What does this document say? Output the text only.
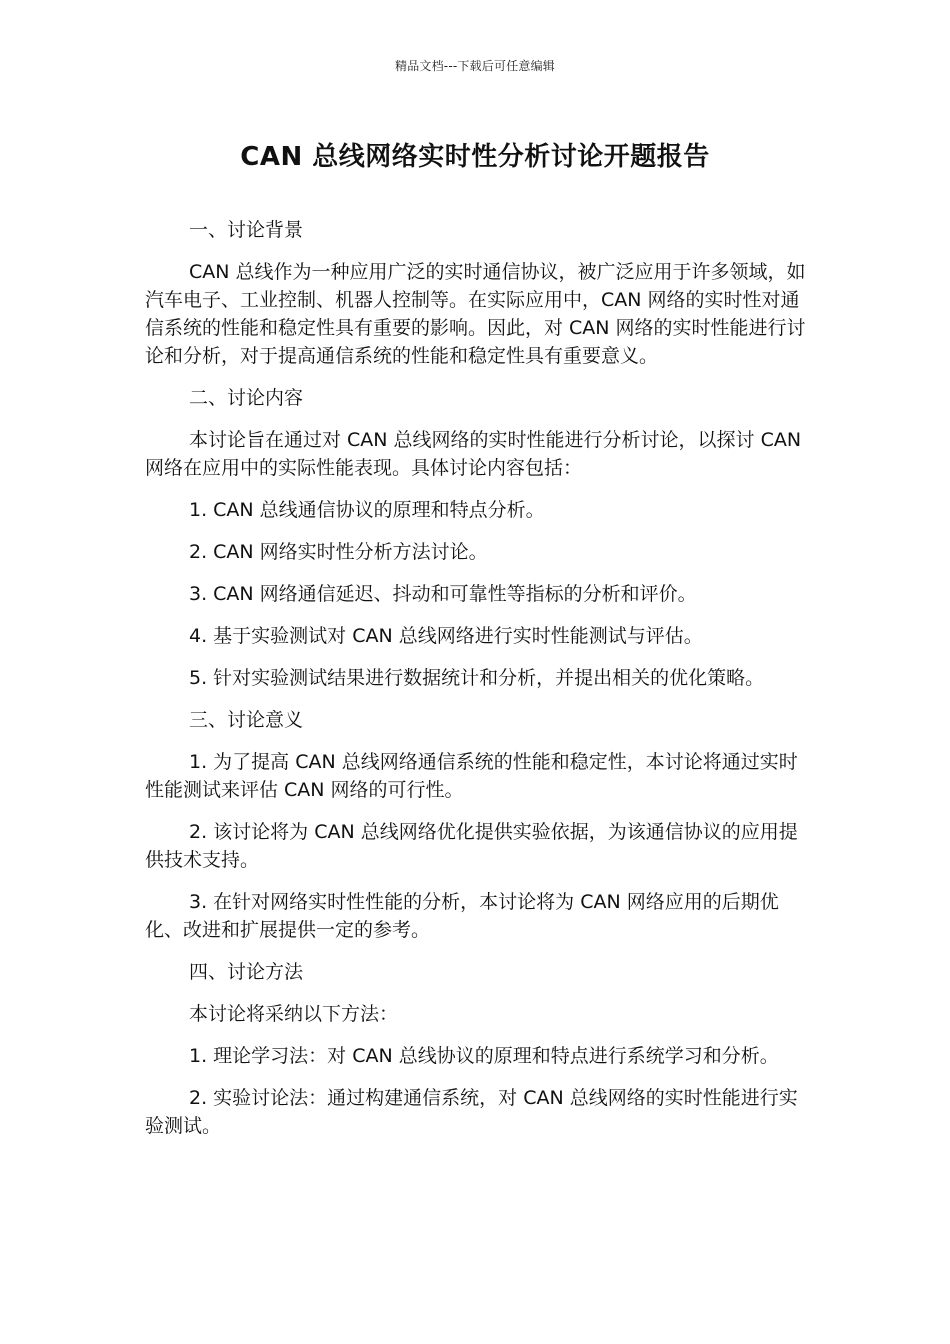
精品文档---下载后可任意编辑
CAN 总线网络实时性分析讨论开题报告

一、讨论背景

CAN 总线作为一种应用广泛的实时通信协议，被广泛应用于许多领域，如汽车电子、工业控制、机器人控制等。在实际应用中，CAN 网络的实时性对通信系统的性能和稳定性具有重要的影响。因此，对 CAN 网络的实时性能进行讨论和分析，对于提高通信系统的性能和稳定性具有重要意义。

二、讨论内容

本讨论旨在通过对 CAN 总线网络的实时性能进行分析讨论，以探讨 CAN 网络在应用中的实际性能表现。具体讨论内容包括：

1. CAN 总线通信协议的原理和特点分析。

2. CAN 网络实时性分析方法讨论。

3. CAN 网络通信延迟、抖动和可靠性等指标的分析和评价。

4. 基于实验测试对 CAN 总线网络进行实时性能测试与评估。

5. 针对实验测试结果进行数据统计和分析，并提出相关的优化策略。

三、讨论意义

1. 为了提高 CAN 总线网络通信系统的性能和稳定性，本讨论将通过实时性能测试来评估 CAN 网络的可行性。

2. 该讨论将为 CAN 总线网络优化提供实验依据，为该通信协议的应用提供技术支持。

3. 在针对网络实时性性能的分析，本讨论将为 CAN 网络应用的后期优化、改进和扩展提供一定的参考。

四、讨论方法

本讨论将采纳以下方法：

1. 理论学习法：对 CAN 总线协议的原理和特点进行系统学习和分析。

2. 实验讨论法：通过构建通信系统，对 CAN 总线网络的实时性能进行实验测试。
